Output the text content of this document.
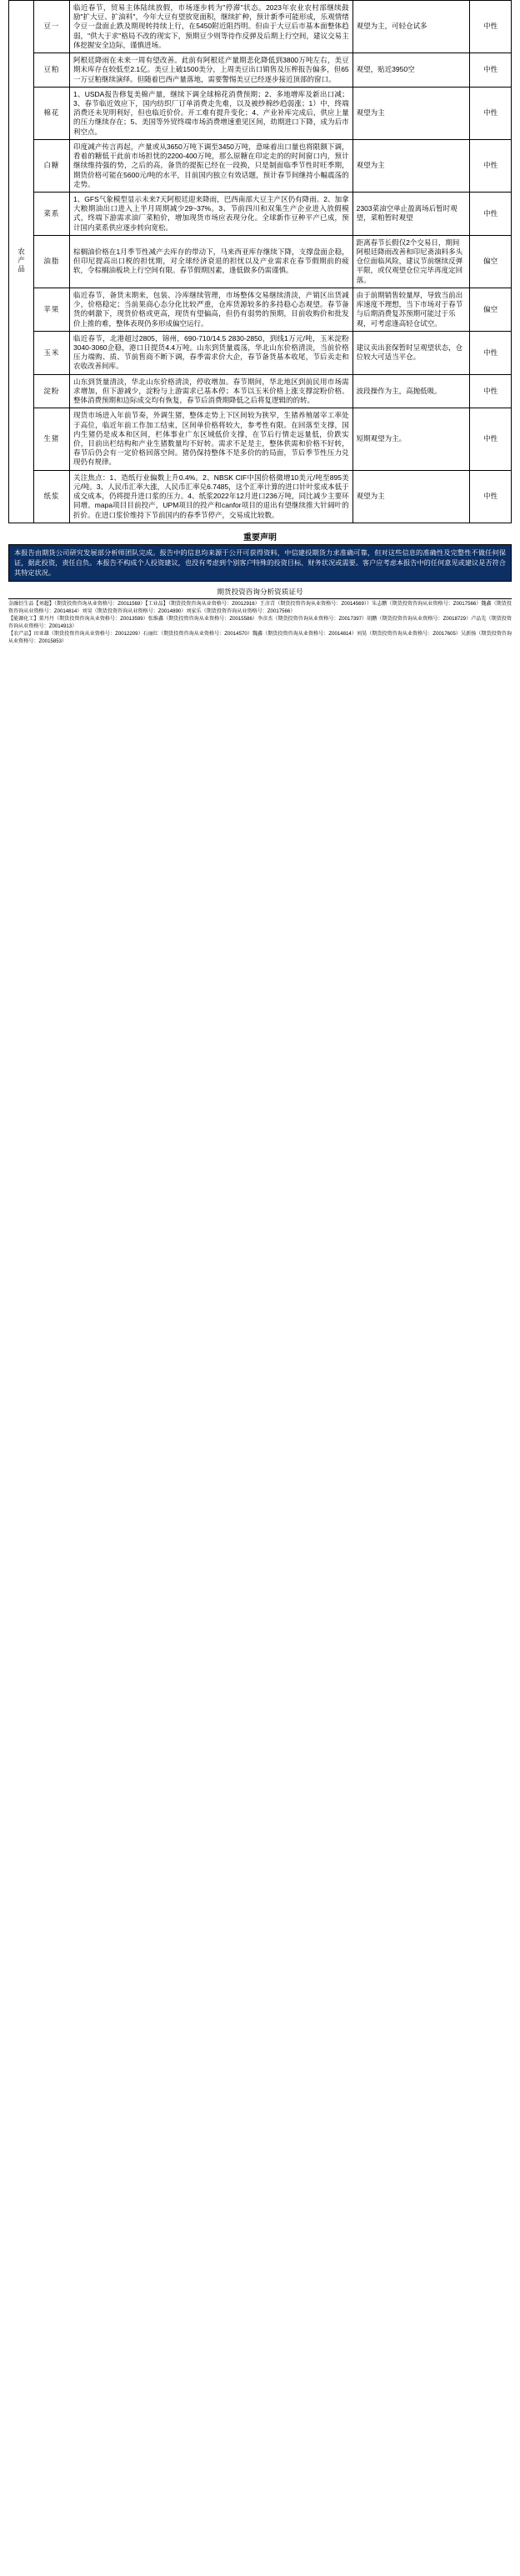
农产品	豆一	临近春节，贸易主体陆续放假，市场逐步转为"停滞"状态。2023年农业农村部继续鼓励"扩大豆、扩油料"，今年大豆有望放宽面积，继续扩种，预计新季可能形成，乐观情绪令豆一盘面止跌及期现转持续上行，在5450附近阻挡明。但由于大豆后市基本面整体趋弱，"供大于求"格局不改的现实下，预期豆少则等待作反弹及后期上行空间，建议交易主体挖握安全边际，谨慎进场。	观望为主，可轻仓试多	中性
	豆粕	阿根廷降雨在未来一周有望改善。此前有阿根廷产量期悲化降低到3800万吨左右，美豆期末库存在较低至2.1亿。美豆上破1500美分，上周美豆出口销售及压榨报告偏多，但65一万豆粕继续演绎。但随着巴西产量落地，需要警惕美豆已经逐步接近顶部的窗口。	观望，贴近3950空	中性
	棉花	1、USDA报告修复美棉产量，继续下调全球棉花消费预期；2、多地增库及新出口减；3、春节临近效应下，国内纺织厂订单消费走先难，以及被纱棉纱趋弱涨；1）中，终端消费还未见明利好，但也临近价价。开工难有提升变化；4、产业补库完成后，供应上量的压力继续存在；5、美国等外贸终端市场消费增速重见区间，幼期进口下降，成为后市利空点。	观望为主	中性
	白糖	印度减产传言再起，产量或从3650万吨下调至3450万吨，意味着出口量也将限额下调，看着的糖低干此前市场担忧的2200-400万吨，那么原糖在印定走的的时间窗口内，预计继续维持强的势，之后的高，备货的提振已经在一段换，只是制面临季节性时旺季期，期货价格可能在5600元/吨的水平，目前国内独立有效话题，预计春节间继持小幅震荡的走势。	观望为主	中性
	菜系	1、GFS气象模型显示未来7天阿根廷迎来降雨，巴西南部大豆主产区仍有降雨。2、加拿大粮期油出口进入上半月周期减少29~37%。3、节前四川和双集生产企业进入放假模式，终端下游需求油厂菜粕价，增加现货市场应表现分化。全球新作豆种平产已成，预计国内菜系供应逐步转向宽松。	2303菜油空单止盈离场后暂时观望，菜粕暂时观望	中性
	油脂	棕榈油价格在1月季节性减产去库存的带动下，马来西亚库存继续下降，支撑盘面企稳，但印尼提高出口税的担忧期，对全球经济衰退的担忧以及产业需求在春节假期前的疲软，令棕榈油板块上行空间有限。春节假期因素，逢低做多仍需谨慎。	距离春节长假仅2个交易日，期间阿根廷降雨改善和印尼斋油料多头仓位面临风险，建议节前继续反弹平限，或仅观望仓位完毕再度定回落。	偏空
	苹果	临近春节，备货末期来，包装、冷库继续管理，市场整体交易继续清淡，产销区出货减少，价格稳定；当前果商心态分化比较严重，仓库货源较多的多持稳心态观望。春节备货的刺激下，现货价格或更高，现货有望偏高，但仍有弱势的预期，目前收购价和批发价上推的难，整体表现仍多形成偏空运行。	由于前期销售较量厚，导致当前出库速度不理想，当下市场对于春节与后期消费复苏预期可能过于乐观，可考虑逢高轻仓试空。	偏空
	玉米	临近春节，北港超过2805，锦州，690-710/14.5 2830-2850，到线1万元/吨，玉米淀粉3040-3060企稳，港口日提货4.4万吨。山东到货量震荡，华北山东价格清淡，当前价格压力端购、质、节前售商不断下调，春季需求价大企，春节备货基本收尾，节后卖走和农收改善间库。	建议卖出套保暂时呈观望状态，仓位较大可适当平仓。	中性
	淀粉	山东到货量清淡，华北山东价格清淡，停收增加。春节期间，华北地区到前民用市场需求增加，但下游减少，淀粉与上游需求已基本停；本节以玉米价格上涨支撑淀粉价格。整体消费预期和边际成交均有恢复，春节后消费期降低之后将复逻辑的的转。	波段操作为主，高抛低吸。	中性
	生猪	现货市场进入年前节奏，外调生猪，整体走势上下区间较为狭窄，生猪养殖屠宰工率处于高位，临近年前工作加工结束，区间单价格将较大，参考性有限。在回落至支撑，国内生猪仍是成本和区间，栏体事业广东区域低价支撑，在节后行情走远量低，价跌实价，目前出栏结构和产业生猪数量均不好转。需求不足是主，整体供需和价格不好转，春节后仍会有一定价格回落空间。猪仍保持整体不是多价的的局面，节后季节性压力兑现仍有规律。	短期观望为主。	中性
	纸浆	关注焦点：1、造纸行业偏数上升0.4%。2、NBSK CIF中国价格微增10美元/吨至895美元/吨。3、人民币汇率大涨，人民币汇率兑6.7485，这个汇率计算的进口针叶浆成本低于成交成本，仍将提升进口浆的压力。4、纸浆2022年12月进口236万吨，同比减少主要环同增。mapa项目目前投产，UPM项目的投产和canfor项目的退出有望继续推大针阔叶的折价。在进口浆价维持下节前国内的春季节停产，交易成比较数。	观望为主	中性
重要声明
本报告由期货公司研究发展部分析师团队完成。报告中的信息均来源于公开可获得资料，中信建投期货力求准确可靠，但对这些信息的准确性及完整性不做任何保证，据此投资，责任自负。本报告不构成个人投资建议，也没有考虑到个别客户特殊的投资目标、财务状况或需要。客户应考虑本报告中的任何意见或建议是否符合其特定状况。
期货投资咨询分析资质证号
金融衍生品【刘超】（期货投资咨询从业资格号：Z0011569）【工业品】（期货投资咨询从业资格号：Z0012916）王彦青（期货投资咨询从业资格号：Z0014569））朱志鹏（期货投资咨询从业资格号：Z0017566）魏鑫（期货投资咨询从业资格号：Z0014814）刘昊（期货投资咨询从业资格号：Z0014890）刘家乐（期货投资咨询从业资格号：Z0017566）
【能源化工】董丹丹（期货投资咨询从业资格号：Z0013599）张维鑫（期货投资咨询从业资格号：Z0015586）李彦杰（期货投资咨询从业资格号：Z0017397）胡鹏（期货投资咨询从业资格号：Z0018729）卢品先（期货投资咨询从业资格号：Z0014913）
【农产品】田亚雄（期货投资咨询从业资格号：Z0012209）石丽红（期货投资咨询从业资格号：Z0014570）魏鑫（期货投资咨询从业资格号：Z0014814）刘昊（期货投资咨询从业资格号：Z0017605）吴新扬（期货投资咨询从业资格号：Z0015853）
